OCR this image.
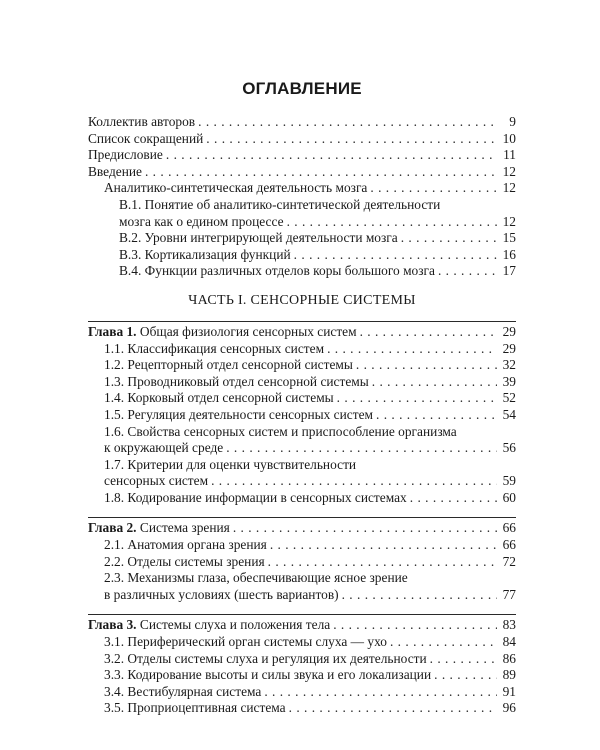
ОГЛАВЛЕНИЕ
Коллектив авторов . . .	9
Список сокращений . . .	10
Предисловие . . .	11
Введение . . .	12
Аналитико-синтетическая деятельность мозга . . .	12
В.1. Понятие об аналитико-синтетической деятельности
мозга как о едином процессе . . .	12
В.2. Уровни интегрирующей деятельности мозга . . .	15
В.3. Кортикализация функций . . .	16
В.4. Функции различных отделов коры большого мозга . . .	17
ЧАСТЬ I. СЕНСОРНЫЕ СИСТЕМЫ
Глава 1. Общая физиология сенсорных систем . . .	29
1.1. Классификация сенсорных систем . . .	29
1.2. Рецепторный отдел сенсорной системы . . .	32
1.3. Проводниковый отдел сенсорной системы . . .	39
1.4. Корковый отдел сенсорной системы . . .	52
1.5. Регуляция деятельности сенсорных систем . . .	54
1.6. Свойства сенсорных систем и приспособление организма
к окружающей среде . . .	56
1.7. Критерии для оценки чувствительности
сенсорных систем . . .	59
1.8. Кодирование информации в сенсорных системах . . .	60
Глава 2. Система зрения . . .	66
2.1. Анатомия органа зрения . . .	66
2.2. Отделы системы зрения . . .	72
2.3. Механизмы глаза, обеспечивающие ясное зрение
в различных условиях (шесть вариантов) . . .	77
Глава 3. Системы слуха и положения тела . . .	83
3.1. Периферический орган системы слуха — ухо . . .	84
3.2. Отделы системы слуха и регуляция их деятельности . . .	86
3.3. Кодирование высоты и силы звука и его локализации . . .	89
3.4. Вестибулярная система . . .	91
3.5. Проприоцептивная система . . .	96
